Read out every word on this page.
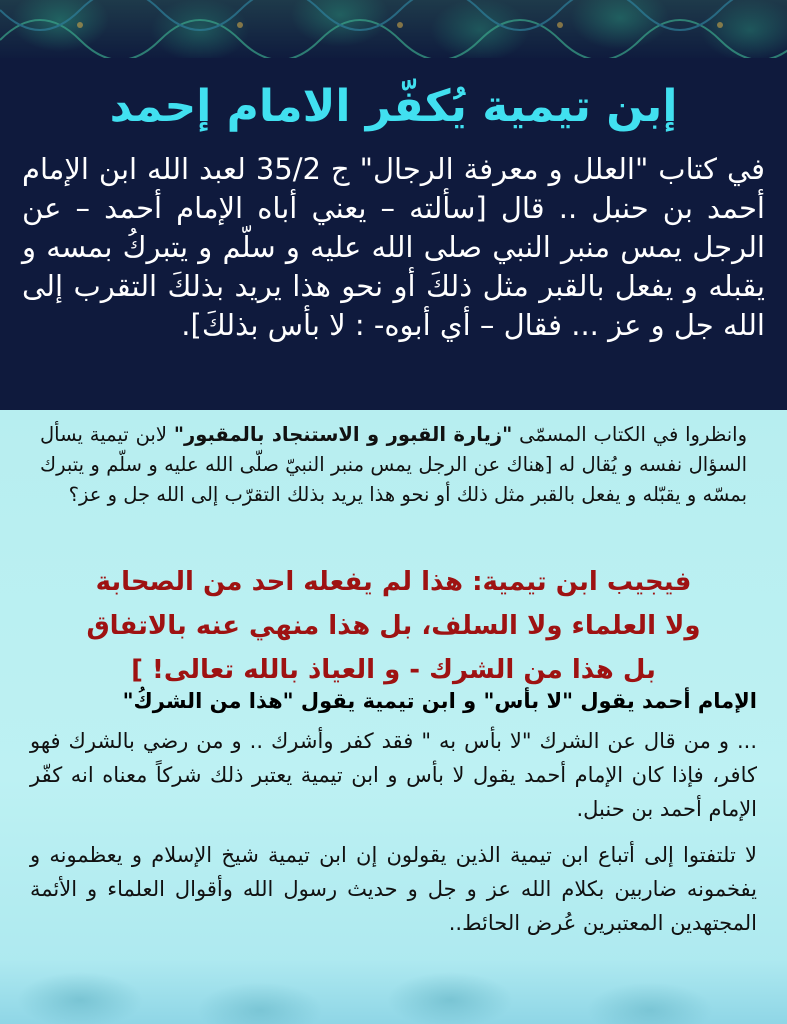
إبن تيمية يُكفّر الامام إحمد

في كتاب "العلل و معرفة الرجال" ج 35/2 لعبد الله ابن الإمام أحمد بن حنبل .. قال [سألته – يعني أباه الإمام أحمد – عن الرجل يمس منبر النبي صلى الله عليه و سلّم و يتبركُ بمسه و يقبله و يفعل بالقبر مثل ذلكَ أو نحو هذا يريد بذلكَ التقرب إلى الله جل و عز ... فقال – أي أبوه- : لا بأس بذلكَ].

وانظروا في الكتاب المسمّى "زيارة القبور و الاستنجاد بالمقبور" لابن تيمية يسأل السؤال نفسه و يُقال له [هناك عن الرجل يمس منبر النبيّ صلّى الله عليه و سلّم و يتبرك بمسّه و يقبّله و يفعل بالقبر مثل ذلك أو نحو هذا يريد بذلك التقرّب إلى الله جل و عز؟

فيجيب ابن تيمية: هذا لم يفعله احد من الصحابة
ولا العلماء ولا السلف، بل هذا منهي عنه بالاتفاق
بل هذا من الشرك - و العياذ بالله تعالى! ]

الإمام أحمد يقول "لا بأس" و ابن تيمية يقول "هذا من الشركُ"

... و من قال عن الشرك "لا بأس به " فقد كفر وأشرك .. و من رضي بالشرك فهو كافر، فإذا كان الإمام أحمد يقول لا بأس و ابن تيمية يعتبر ذلك شركاً معناه انه كفّر الإمام أحمد بن حنبل.

لا تلتفتوا إلى أتباع ابن تيمية الذين يقولون إن ابن تيمية شيخ الإسلام و يعظمونه و يفخمونه ضاربين بكلام الله عز و جل و حديث رسول الله وأقوال العلماء و الأئمة المجتهدين المعتبرين عُرض الحائط..
